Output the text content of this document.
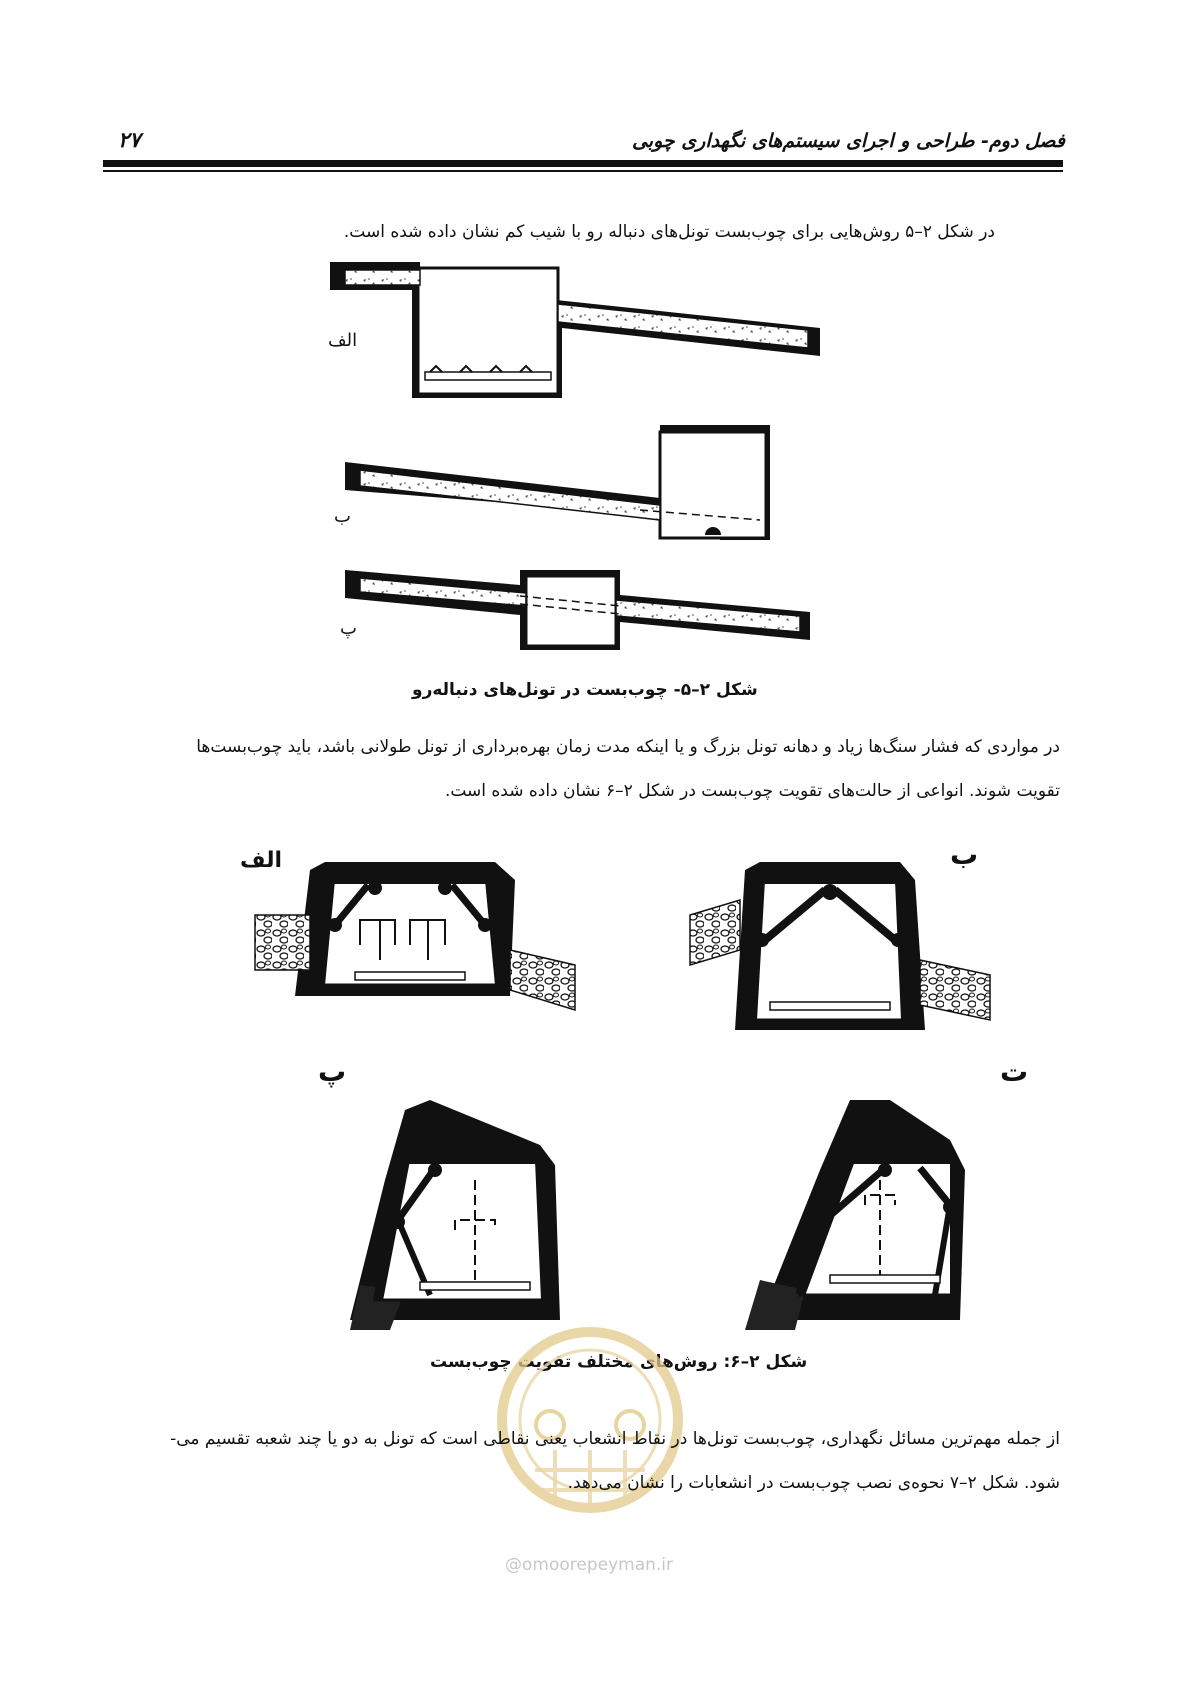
فصل دوم- طراحی و اجرای سیستم‌های نگهداری چوبی
۲۷
در شکل ۲–۵ روش‌هایی برای چوب‌بست تونل‌های دنباله رو با شیب کم نشان داده شده است.
الف
ب
پ
شکل ۲–۵- چوب‌بست در تونل‌های دنباله‌رو
در مواردی که فشار سنگ‌ها زیاد و دهانه تونل بزرگ و یا اینکه مدت زمان بهره‌برداری از تونل طولانی باشد، باید چوب‌بست‌ها
تقویت شوند. انواعی از حالت‌های تقویت چوب‌بست در شکل ۲–۶ نشان داده شده است.
الف	ب
پ	ت
شکل ۲–۶: روش‌های مختلف تقویت چوب‌بست
از جمله مهم‌ترین مسائل نگهداری، چوب‌بست تونل‌ها در نقاط انشعاب یعنی نقاطی است که تونل به دو یا چند شعبه تقسیم می-
شود. شکل ۲–۷ نحوه‌ی نصب چوب‌بست در انشعابات را نشان می‌دهد.
@omoorepeyman.ir
